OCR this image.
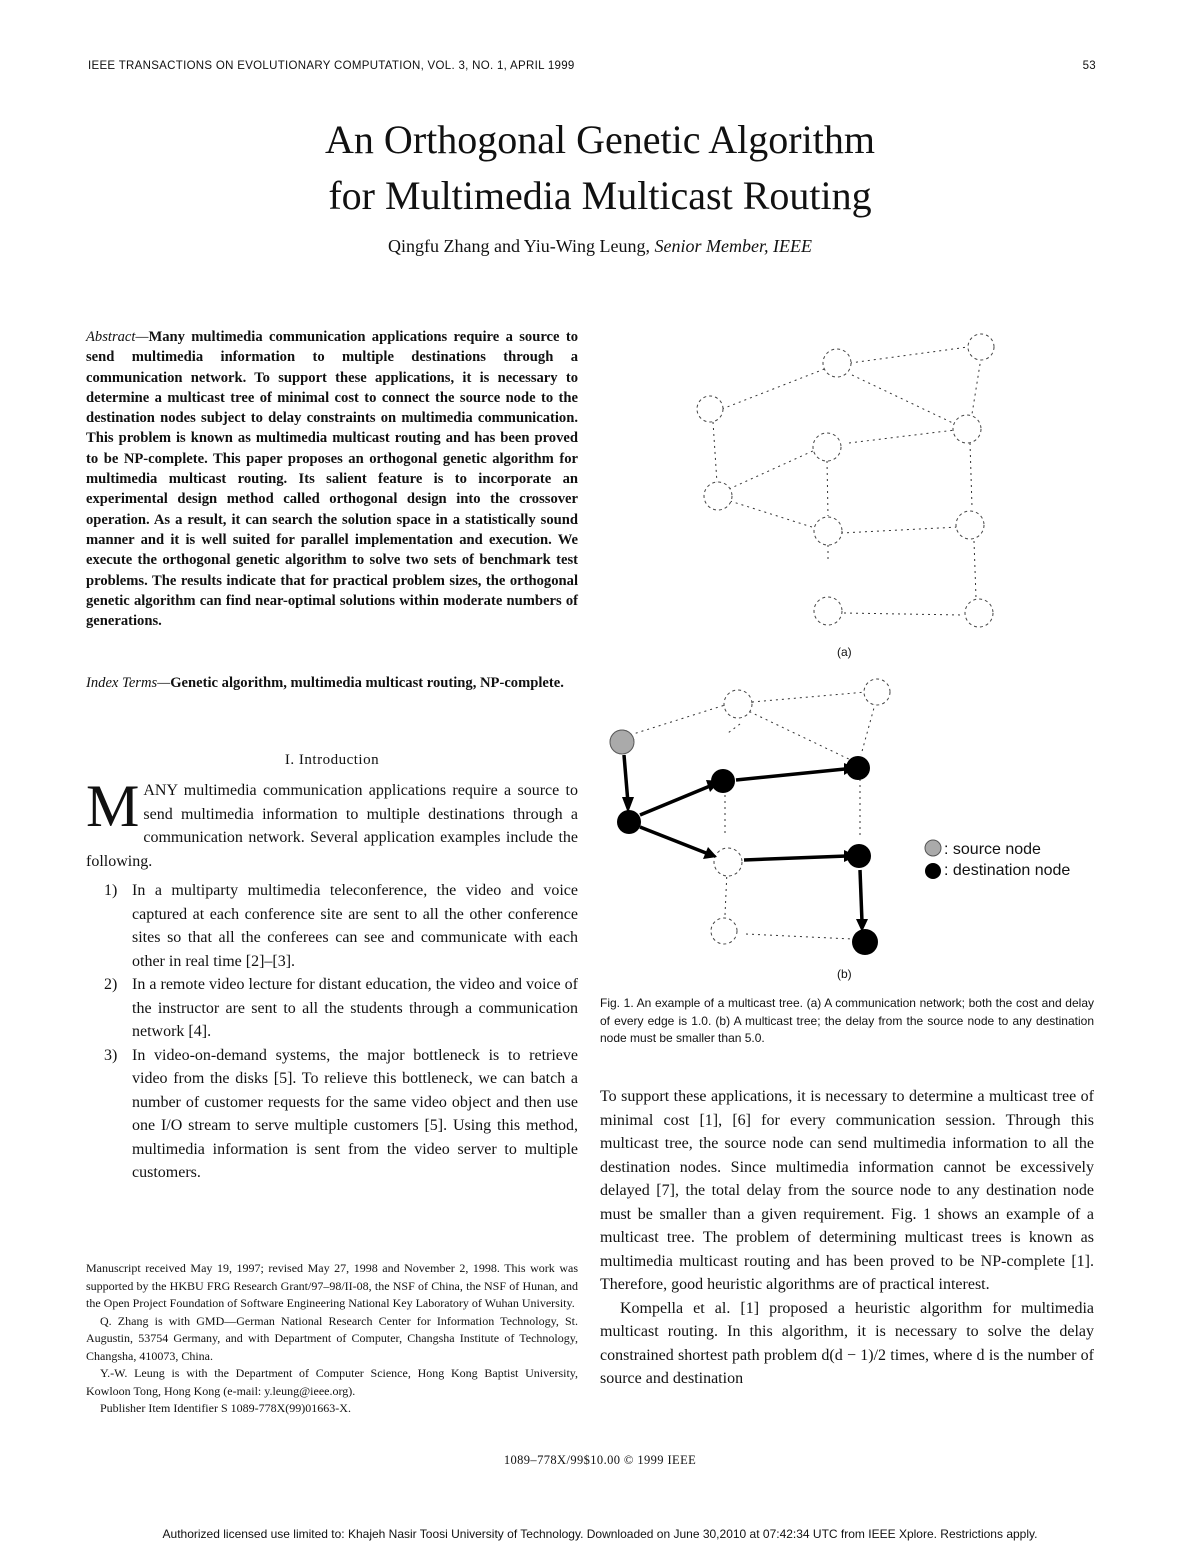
IEEE TRANSACTIONS ON EVOLUTIONARY COMPUTATION, VOL. 3, NO. 1, APRIL 1999	53
An Orthogonal Genetic Algorithm
for Multimedia Multicast Routing
Qingfu Zhang and Yiu-Wing Leung, Senior Member, IEEE
Abstract—Many multimedia communication applications require a source to send multimedia information to multiple destinations through a communication network. To support these applications, it is necessary to determine a multicast tree of minimal cost to connect the source node to the destination nodes subject to delay constraints on multimedia communication. This problem is known as multimedia multicast routing and has been proved to be NP-complete. This paper proposes an orthogonal genetic algorithm for multimedia multicast routing. Its salient feature is to incorporate an experimental design method called orthogonal design into the crossover operation. As a result, it can search the solution space in a statistically sound manner and it is well suited for parallel implementation and execution. We execute the orthogonal genetic algorithm to solve two sets of benchmark test problems. The results indicate that for practical problem sizes, the orthogonal genetic algorithm can find near-optimal solutions within moderate numbers of generations.
Index Terms—Genetic algorithm, multimedia multicast routing, NP-complete.
I. Introduction
MANY multimedia communication applications require a source to send multimedia information to multiple destinations through a communication network. Several application examples include the following.
1) In a multiparty multimedia teleconference, the video and voice captured at each conference site are sent to all the other conference sites so that all the conferees can see and communicate with each other in real time [2]–[3].
2) In a remote video lecture for distant education, the video and voice of the instructor are sent to all the students through a communication network [4].
3) In video-on-demand systems, the major bottleneck is to retrieve video from the disks [5]. To relieve this bottleneck, we can batch a number of customer requests for the same video object and then use one I/O stream to serve multiple customers [5]. Using this method, multimedia information is sent from the video server to multiple customers.

Manuscript received May 19, 1997; revised May 27, 1998 and November 2, 1998. This work was supported by the HKBU FRG Research Grant/97–98/II-08, the NSF of China, the NSF of Hunan, and the Open Project Foundation of Software Engineering National Key Laboratory of Wuhan University.

Q. Zhang is with GMD—German National Research Center for Information Technology, St. Augustin, 53754 Germany, and with Department of Computer, Changsha Institute of Technology, Changsha, 410073, China.

Y.-W. Leung is with the Department of Computer Science, Hong Kong Baptist University, Kowloon Tong, Hong Kong (e-mail: y.leung@ieee.org).

Publisher Item Identifier S 1089-778X(99)01663-X.

(a)
(b)
: source node
: destination node
Fig. 1. An example of a multicast tree. (a) A communication network; both the cost and delay of every edge is 1.0. (b) A multicast tree; the delay from the source node to any destination node must be smaller than 5.0.

To support these applications, it is necessary to determine a multicast tree of minimal cost [1], [6] for every communication session. Through this multicast tree, the source node can send multimedia information to all the destination nodes. Since multimedia information cannot be excessively delayed [7], the total delay from the source node to any destination node must be smaller than a given requirement. Fig. 1 shows an example of a multicast tree. The problem of determining multicast trees is known as multimedia multicast routing and has been proved to be NP-complete [1]. Therefore, good heuristic algorithms are of practical interest.

Kompella et al. [1] proposed a heuristic algorithm for multimedia multicast routing. In this algorithm, it is necessary to solve the delay constrained shortest path problem d(d − 1)/2 times, where d is the number of source and destination

1089–778X/99$10.00 © 1999 IEEE
Authorized licensed use limited to: Khajeh Nasir Toosi University of Technology. Downloaded on June 30,2010 at 07:42:34 UTC from IEEE Xplore. Restrictions apply.
